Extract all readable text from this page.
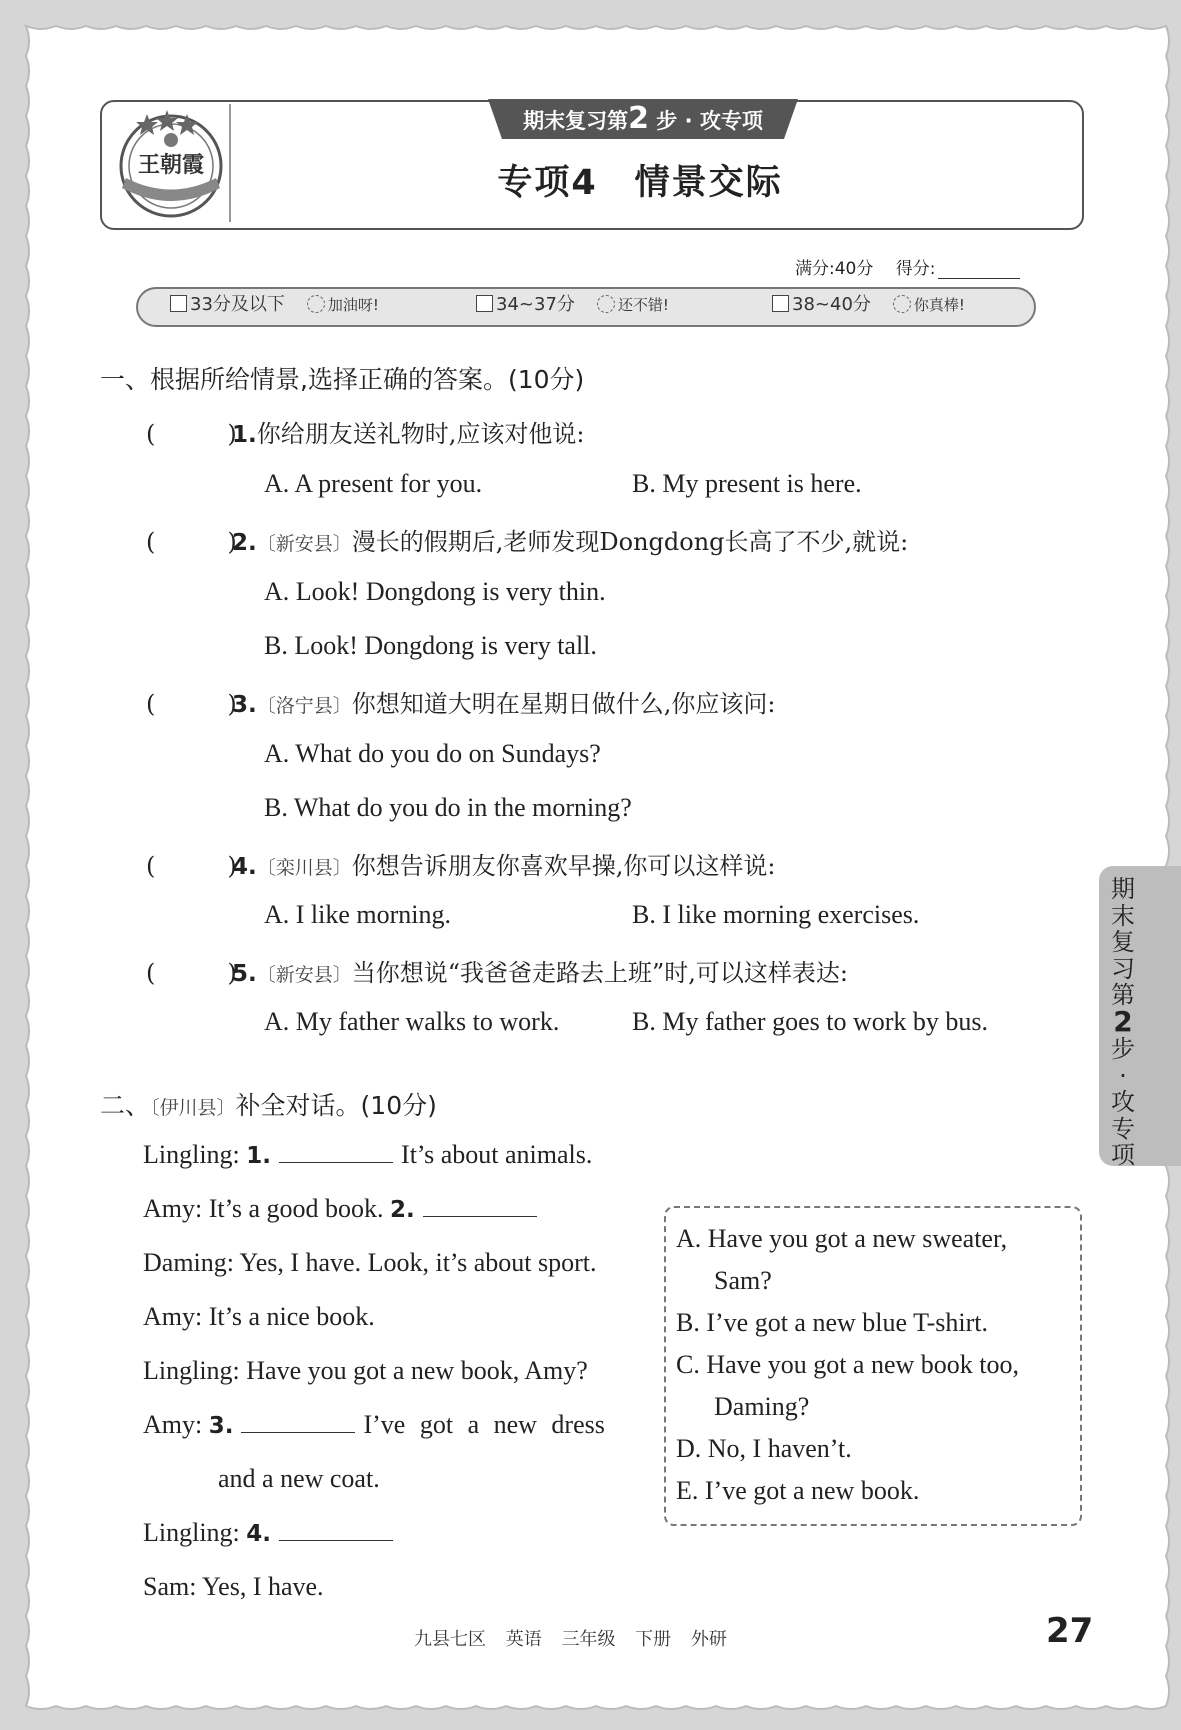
王朝霞
期末复习第2 步 · 攻专项
专项4　情景交际
满分:40分　 得分:
33分及以下	加油呀!	34~37分	还不错!	38~40分	你真棒!
一、根据所给情景,选择正确的答案。(10分)
(　　　)
1.你给朋友送礼物时,应该对他说:
A. A present for you.	B. My present is here.
(　　　)
2.〔新安县〕漫长的假期后,老师发现Dongdong长高了不少,就说:
A. Look! Dongdong is very thin.
B. Look! Dongdong is very tall.
(　　　)
3.〔洛宁县〕你想知道大明在星期日做什么,你应该问:
A. What do you do on Sundays?
B. What do you do in the morning?
(　　　)
4.〔栾川县〕你想告诉朋友你喜欢早操,你可以这样说:
A. I like morning.	B. I like morning exercises.
(　　　)
5.〔新安县〕当你想说“我爸爸走路去上班”时,可以这样表达:
A. My father walks to work.	B. My father goes to work by bus.
二、〔伊川县〕补全对话。(10分)
Lingling: 1.	It’s about animals.
Amy: It’s a good book. 2.
Daming: Yes, I have. Look, it’s about sport.
Amy: It’s a nice book.
Lingling: Have you got a new book, Amy?
Amy: 3.	I’ve got a new dress
and a new coat.
Lingling: 4.
Sam: Yes, I have.
A. Have you got a new sweater,
Sam?
B. I’ve got a new blue T-shirt.
C. Have you got a new book too,
Daming?
D. No, I haven’t.
E. I’ve got a new book.
期末复习第2步·攻专项
九县七区 英语 三年级 下册 外研	27
